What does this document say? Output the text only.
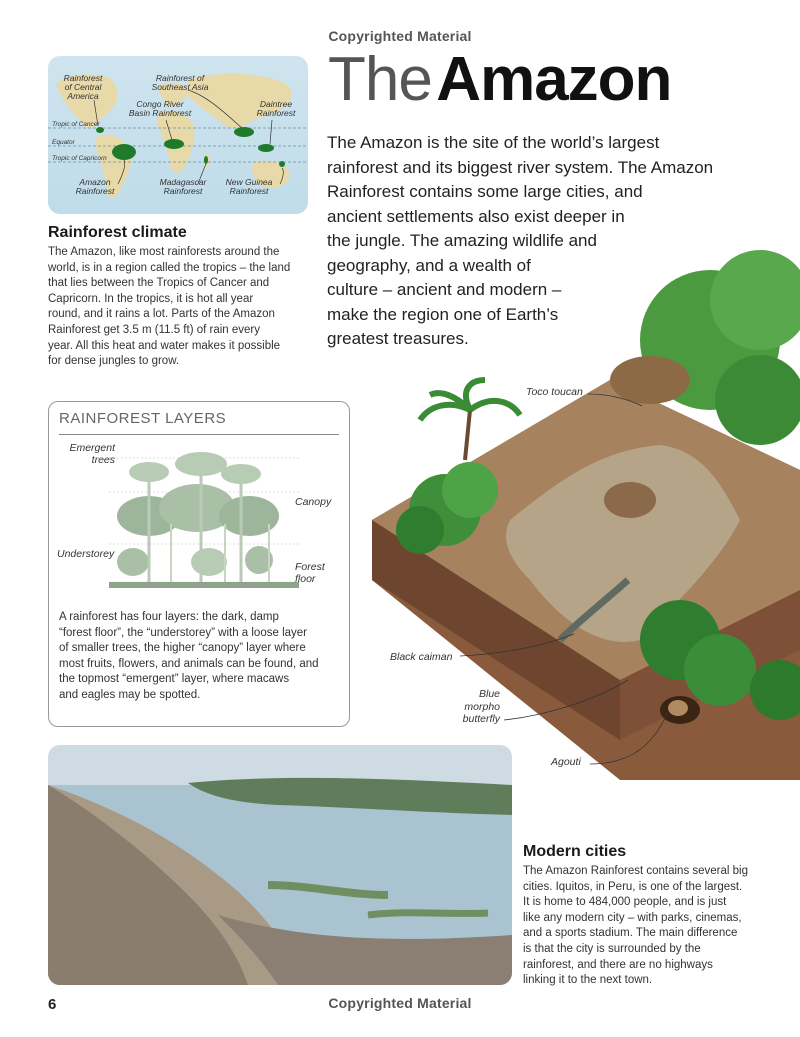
Copyrighted Material
Rainforest
of Central
America
Rainforest of
Southeast Asia
Congo River
Basin Rainforest
Daintree
Rainforest
Tropic of Cancer
Equator
Tropic of Capricorn
Amazon
Rainforest
Madagascar
Rainforest
New Guinea
Rainforest
Rainforest climate
The Amazon, like most rainforests around the
world, is in a region called the tropics – the land
that lies between the Tropics of Cancer and
Capricorn. In the tropics, it is hot all year
round, and it rains a lot. Parts of the Amazon
Rainforest get 3.5 m (11.5 ft) of rain every
year. All this heat and water makes it possible
for dense jungles to grow.
The Amazon
The Amazon is the site of the world’s largest
rainforest and its biggest river system. The Amazon
Rainforest contains some large cities, and
ancient settlements also exist deeper in
the jungle. The amazing wildlife and
geography, and a wealth of
culture – ancient and modern –
make the region one of Earth’s
greatest treasures.
Toco toucan
Black caiman
Blue
morpho
butterfly
Agouti
RAINFOREST LAYERS
Emergent
trees
Canopy
Understorey
Forest
floor
A rainforest has four layers: the dark, damp
“forest floor”, the “understorey” with a loose layer
of smaller trees, the higher “canopy” layer where
most fruits, flowers, and animals can be found, and
the topmost “emergent” layer, where macaws
and eagles may be spotted.
Modern cities
The Amazon Rainforest contains several big
cities. Iquitos, in Peru, is one of the largest.
It is home to 484,000 people, and is just
like any modern city – with parks, cinemas,
and a sports stadium. The main difference
is that the city is surrounded by the
rainforest, and there are no highways
linking it to the next town.
6	Copyrighted Material
